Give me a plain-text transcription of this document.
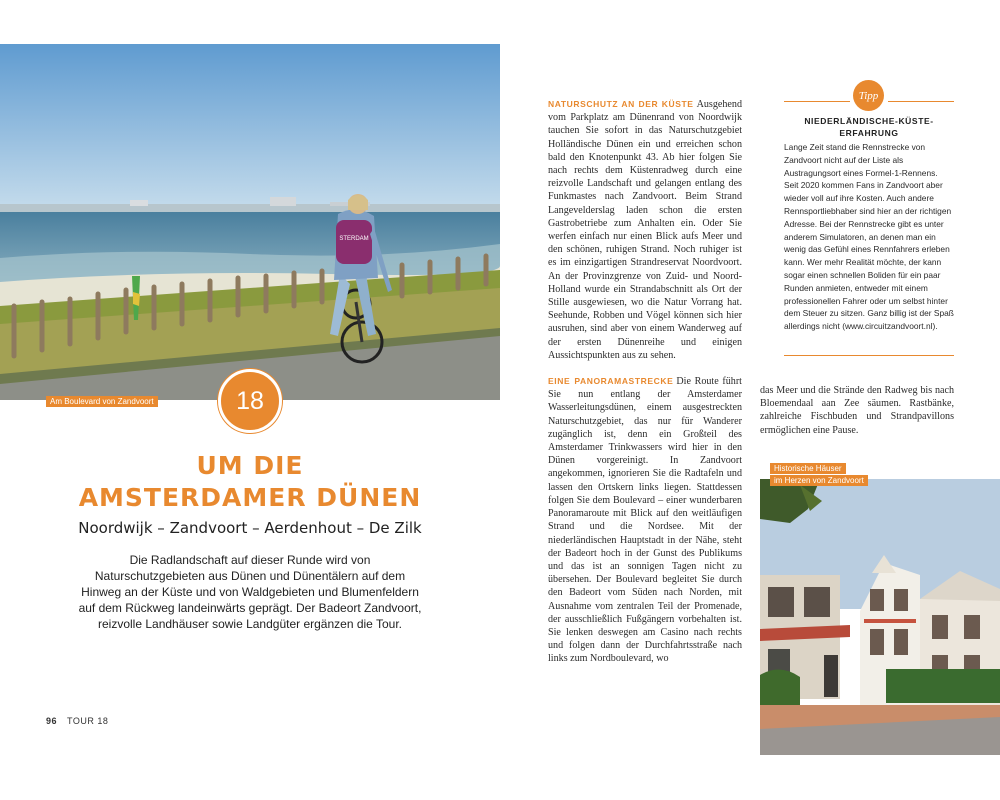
STERDAM
Am Boulevard von Zandvoort	18
UM DIE
AMSTERDAMER DÜNEN
Noordwijk – Zandvoort – Aerdenhout – De Zilk
Die Radlandschaft auf dieser Runde wird von Naturschutzgebieten aus Dünen und Dünentälern auf dem Hinweg an der Küste und von Waldgebieten und Blumenfeldern auf dem Rückweg landeinwärts geprägt. Der Badeort Zandvoort, reizvolle Landhäuser sowie Landgüter ergänzen die Tour.
96 TOUR 18

NATURSCHUTZ AN DER KÜSTE Ausgehend vom Parkplatz am Dünenrand von Noordwijk tauchen Sie sofort in das Naturschutzgebiet Holländische Dünen ein und erreichen schon bald den Knotenpunkt 43. Ab hier folgen Sie nach rechts dem Küstenradweg durch eine reizvolle Landschaft und gelangen entlang des Funkmastes nach Zandvoort. Beim Strand Langevelderslag laden schon die ersten Gastrobetriebe zum Anhalten ein. Oder Sie werfen einfach nur einen Blick aufs Meer und den schönen, ruhigen Strand. Noch ruhiger ist es im einzigartigen Strandreservat Noordvoort. An der Provinzgrenze von Zuid- und Noord-Holland wurde ein Strandabschnitt als Ort der Stille ausgewiesen, wo die Natur Vorrang hat. Seehunde, Robben und Vögel können sich hier ausruhen, sind aber von einem Wanderweg auf der ersten Dünenreihe und einigen Aussichtspunkten aus zu sehen.

EINE PANORAMASTRECKE Die Route führt Sie nun entlang der Amsterdamer Wasserleitungsdünen, einem ausgestreckten Naturschutzgebiet, das nur für Wanderer zugänglich ist, denn ein Großteil des Amsterdamer Trinkwassers wird hier in den Dünen vorgereinigt. In Zandvoort angekommen, ignorieren Sie die Radtafeln und lassen den Ortskern links liegen. Stattdessen folgen Sie dem Boulevard – einer wunderbaren Panoramaroute mit Blick auf den weitläufigen Strand und die Nordsee. Mit der niederländischen Hauptstadt in der Nähe, steht der Badeort hoch in der Gunst des Publikums und das ist an sonnigen Tagen nicht zu übersehen. Der Boulevard begleitet Sie durch den Badeort vom Süden nach Norden, mit Ausnahme vom zentralen Teil der Promenade, der ausschließlich Fußgängern vorbehalten ist. Sie lenken deswegen am Casino nach rechts und folgen dann der Durchfahrtsstraße nach links zum Nordboulevard, wo

Tipp
NIEDERLÄNDISCHE-KÜSTE-ERFAHRUNG
Lange Zeit stand die Rennstrecke von Zandvoort nicht auf der Liste als Austragungsort eines Formel-1-Rennens. Seit 2020 kommen Fans in Zandvoort aber wieder voll auf ihre Kosten. Auch andere Rennsportliebhaber sind hier an der richtigen Adresse. Bei der Rennstrecke gibt es unter anderem Simulatoren, an denen man ein wenig das Gefühl eines Rennfahrers erleben kann. Wer mehr Realität möchte, der kann sogar einen schnellen Boliden für ein paar Runden anmieten, entweder mit einem professionellen Fahrer oder um selbst hinter dem Steuer zu sitzen. Ganz billig ist der Spaß allerdings nicht (www.circuitzandvoort.nl).
das Meer und die Strände den Radweg bis nach Bloemendaal aan Zee säumen. Rastbänke, zahlreiche Fischbuden und Strandpavillons ermöglichen eine Pause.
Historische Häuser
im Herzen von Zandvoort
